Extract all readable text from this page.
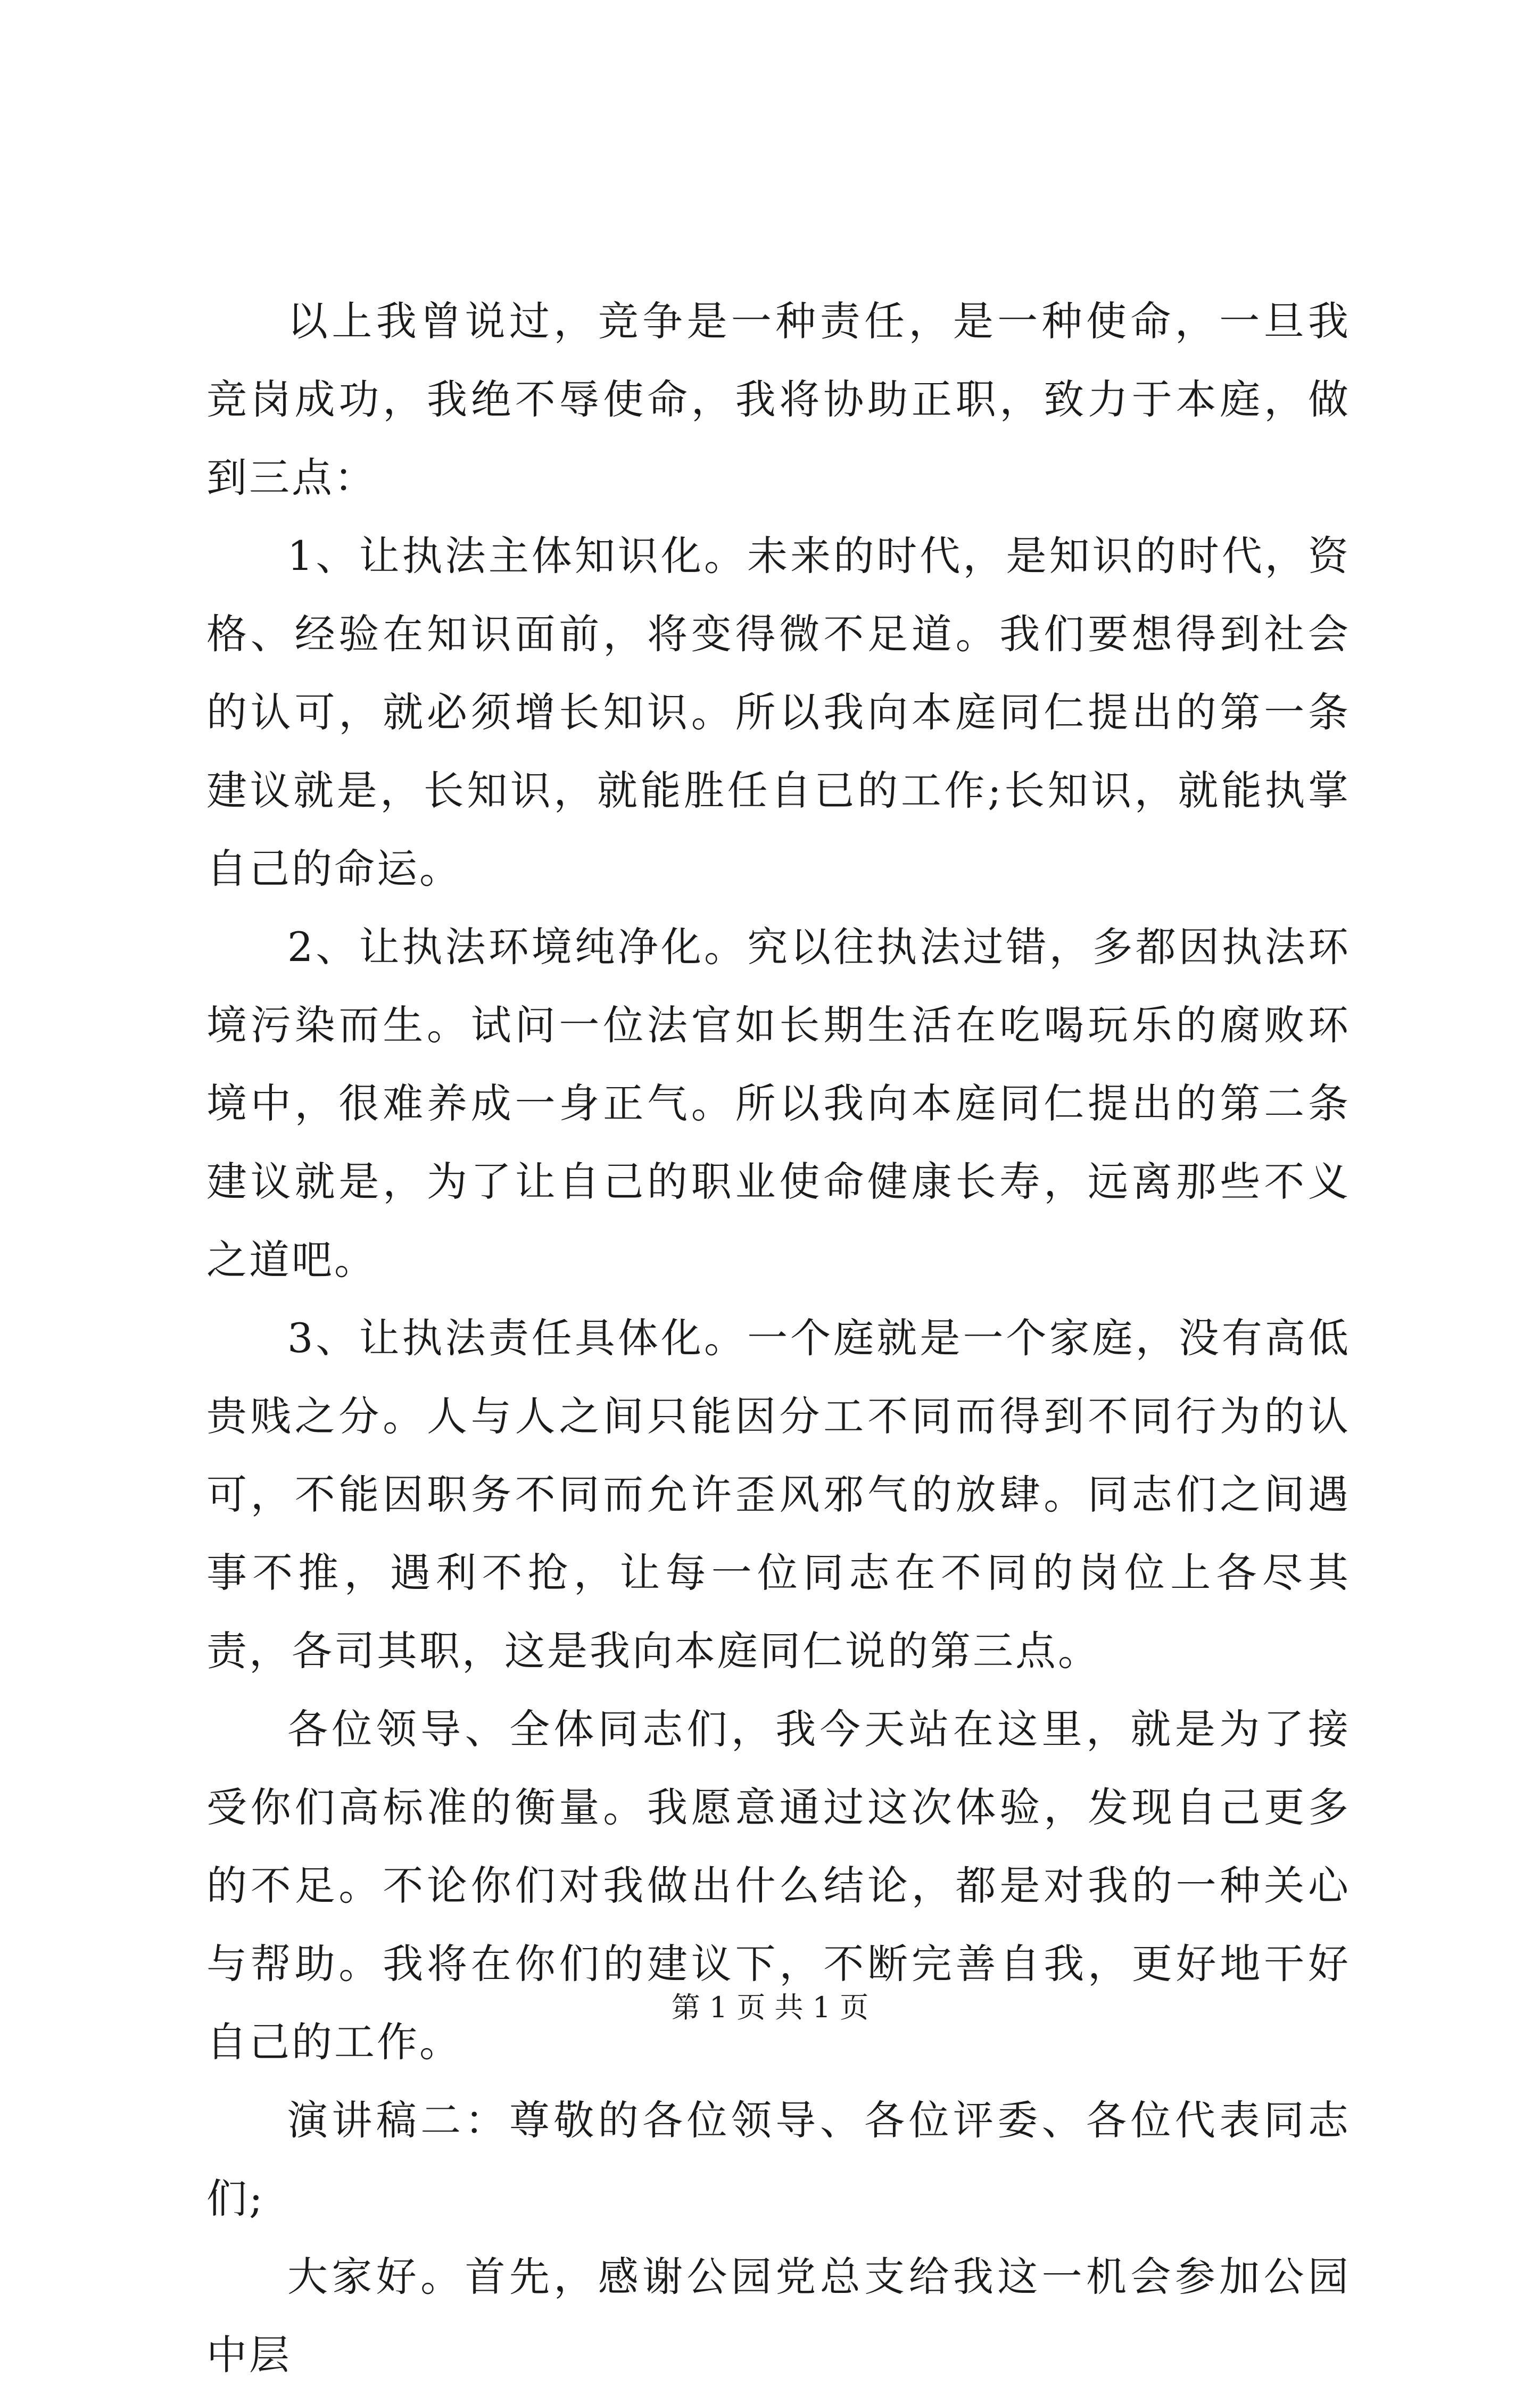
以上我曾说过，竞争是一种责任，是一种使命，一旦我竞岗成功，我绝不辱使命，我将协助正职，致力于本庭，做到三点：

1、让执法主体知识化。未来的时代，是知识的时代，资格、经验在知识面前，将变得微不足道。我们要想得到社会的认可，就必须增长知识。所以我向本庭同仁提出的第一条建议就是，长知识，就能胜任自已的工作;长知识，就能执掌自己的命运。

2、让执法环境纯净化。究以往执法过错，多都因执法环境污染而生。试问一位法官如长期生活在吃喝玩乐的腐败环境中，很难养成一身正气。所以我向本庭同仁提出的第二条建议就是，为了让自己的职业使命健康长寿，远离那些不义之道吧。

3、让执法责任具体化。一个庭就是一个家庭，没有高低贵贱之分。人与人之间只能因分工不同而得到不同行为的认可，不能因职务不同而允许歪风邪气的放肆。同志们之间遇事不推，遇利不抢，让每一位同志在不同的岗位上各尽其责，各司其职，这是我向本庭同仁说的第三点。

各位领导、全体同志们，我今天站在这里，就是为了接受你们高标准的衡量。我愿意通过这次体验，发现自己更多的不足。不论你们对我做出什么结论，都是对我的一种关心与帮助。我将在你们的建议下，不断完善自我，更好地干好自己的工作。

演讲稿二：尊敬的各位领导、各位评委、各位代表同志们;

大家好。首先，感谢公园党总支给我这一机会参加公园中层

第 1 页 共 1 页
